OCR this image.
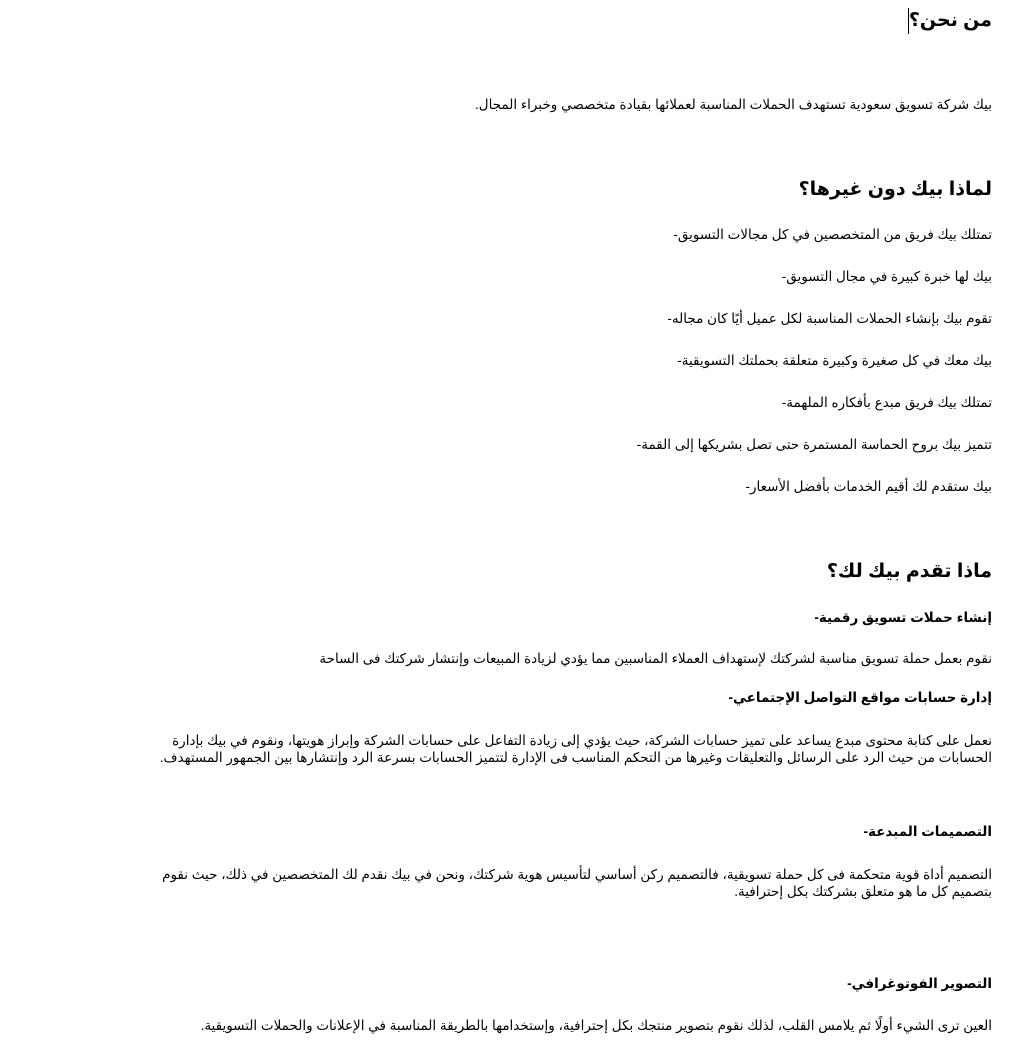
من نحن؟

بيك شركة تسويق سعودية تستهدف الحملات المناسبة لعملائها بقيادة متخصصي وخبراء المجال.

لماذا بيك دون غيرها؟

تمتلك بيك فريق من المتخصصين في كل مجالات التسويق-

بيك لها خبرة كبيرة في مجال التسويق-

تقوم بيك بإنشاء الحملات المناسبة لكل عميل أيًا كان مجاله-

بيك معك في كل صغيرة وكبيرة متعلقة بحملتك التسويقية-

تمتلك بيك فريق مبدع بأفكاره الملهمة-

تتميز بيك بروح الحماسة المستمرة حتى تصل بشريكها إلى القمة-

بيك ستقدم لك أقيم الخدمات بأفضل الأسعار-

ماذا تقدم بيك لك؟
إنشاء حملات تسويق رقمية-

نقوم بعمل حملة تسويق مناسبة لشركتك لإستهداف العملاء المناسبين مما يؤدي لزيادة المبيعات وإنتشار شركتك فى الساحة

إدارة حسابات مواقع التواصل الإجتماعي-

نعمل على كتابة محتوى مبدع يساعد على تميز حسابات الشركة، حيث يؤدي إلى زيادة التفاعل على حسابات الشركة وإبراز هويتها، ونقوم في بيك بإدارة الحسابات من حيث الرد على الرسائل والتعليقات وغيرها من التحكم المناسب فى الإدارة لتتميز الحسابات بسرعة الرد وإنتشارها بين الجمهور المستهدف.

التصميمات المبدعة-

التصميم أداة قوية متحكمة فى كل حملة تسويقية، فالتصميم ركن أساسي لتأسيس هوية شركتك، ونحن في بيك نقدم لك المتخصصين في ذلك، حيث نقوم بتصميم كل ما هو متعلق بشركتك بكل إحترافية.

التصوير الفوتوغرافي-

العين ترى الشيء أولًا ثم يلامس القلب، لذلك نقوم بتصوير منتجك بكل إحترافية، وإستخدامها بالطريقة المناسبة في الإعلانات والحملات التسويقية.
